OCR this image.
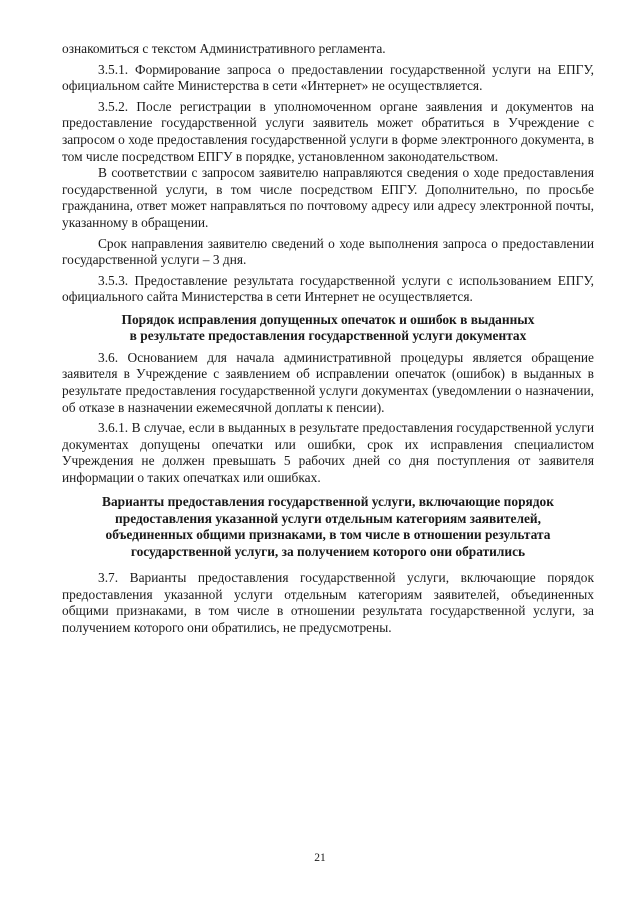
ознакомиться с текстом Административного регламента.

3.5.1. Формирование запроса о предоставлении государственной услуги на ЕПГУ, официальном сайте Министерства в сети «Интернет» не осуществляется.

3.5.2. После регистрации в уполномоченном органе заявления и документов на предоставление государственной услуги заявитель может обратиться в Учреждение с запросом о ходе предоставления государственной услуги в форме электронного документа, в том числе посредством ЕПГУ в порядке, установленном законодательством.

В соответствии с запросом заявителю направляются сведения о ходе предоставления государственной услуги, в том числе посредством ЕПГУ. Дополнительно, по просьбе гражданина, ответ может направляться по почтовому адресу или адресу электронной почты, указанному в обращении.

Срок направления заявителю сведений о ходе выполнения запроса о предоставлении государственной услуги – 3 дня.

3.5.3. Предоставление результата государственной услуги с использованием ЕПГУ, официального сайта Министерства в сети Интернет не осуществляется.

Порядок исправления допущенных опечаток и ошибок в выданных
в результате предоставления государственной услуги документах

3.6. Основанием для начала административной процедуры является обращение заявителя в Учреждение с заявлением об исправлении опечаток (ошибок) в выданных в результате предоставления государственной услуги документах (уведомлении о назначении, об отказе в назначении ежемесячной доплаты к пенсии).

3.6.1. В случае, если в выданных в результате предоставления государственной услуги документах допущены опечатки или ошибки, срок их исправления специалистом Учреждения не должен превышать 5 рабочих дней со дня поступления от заявителя информации о таких опечатках или ошибках.

Варианты предоставления государственной услуги, включающие порядок
предоставления указанной услуги отдельным категориям заявителей,
объединенных общими признаками, в том числе в отношении результата
государственной услуги, за получением которого они обратились

3.7. Варианты предоставления государственной услуги, включающие порядок предоставления указанной услуги отдельным категориям заявителей, объединенных общими признаками, в том числе в отношении результата государственной услуги, за получением которого они обратились, не предусмотрены.

21
